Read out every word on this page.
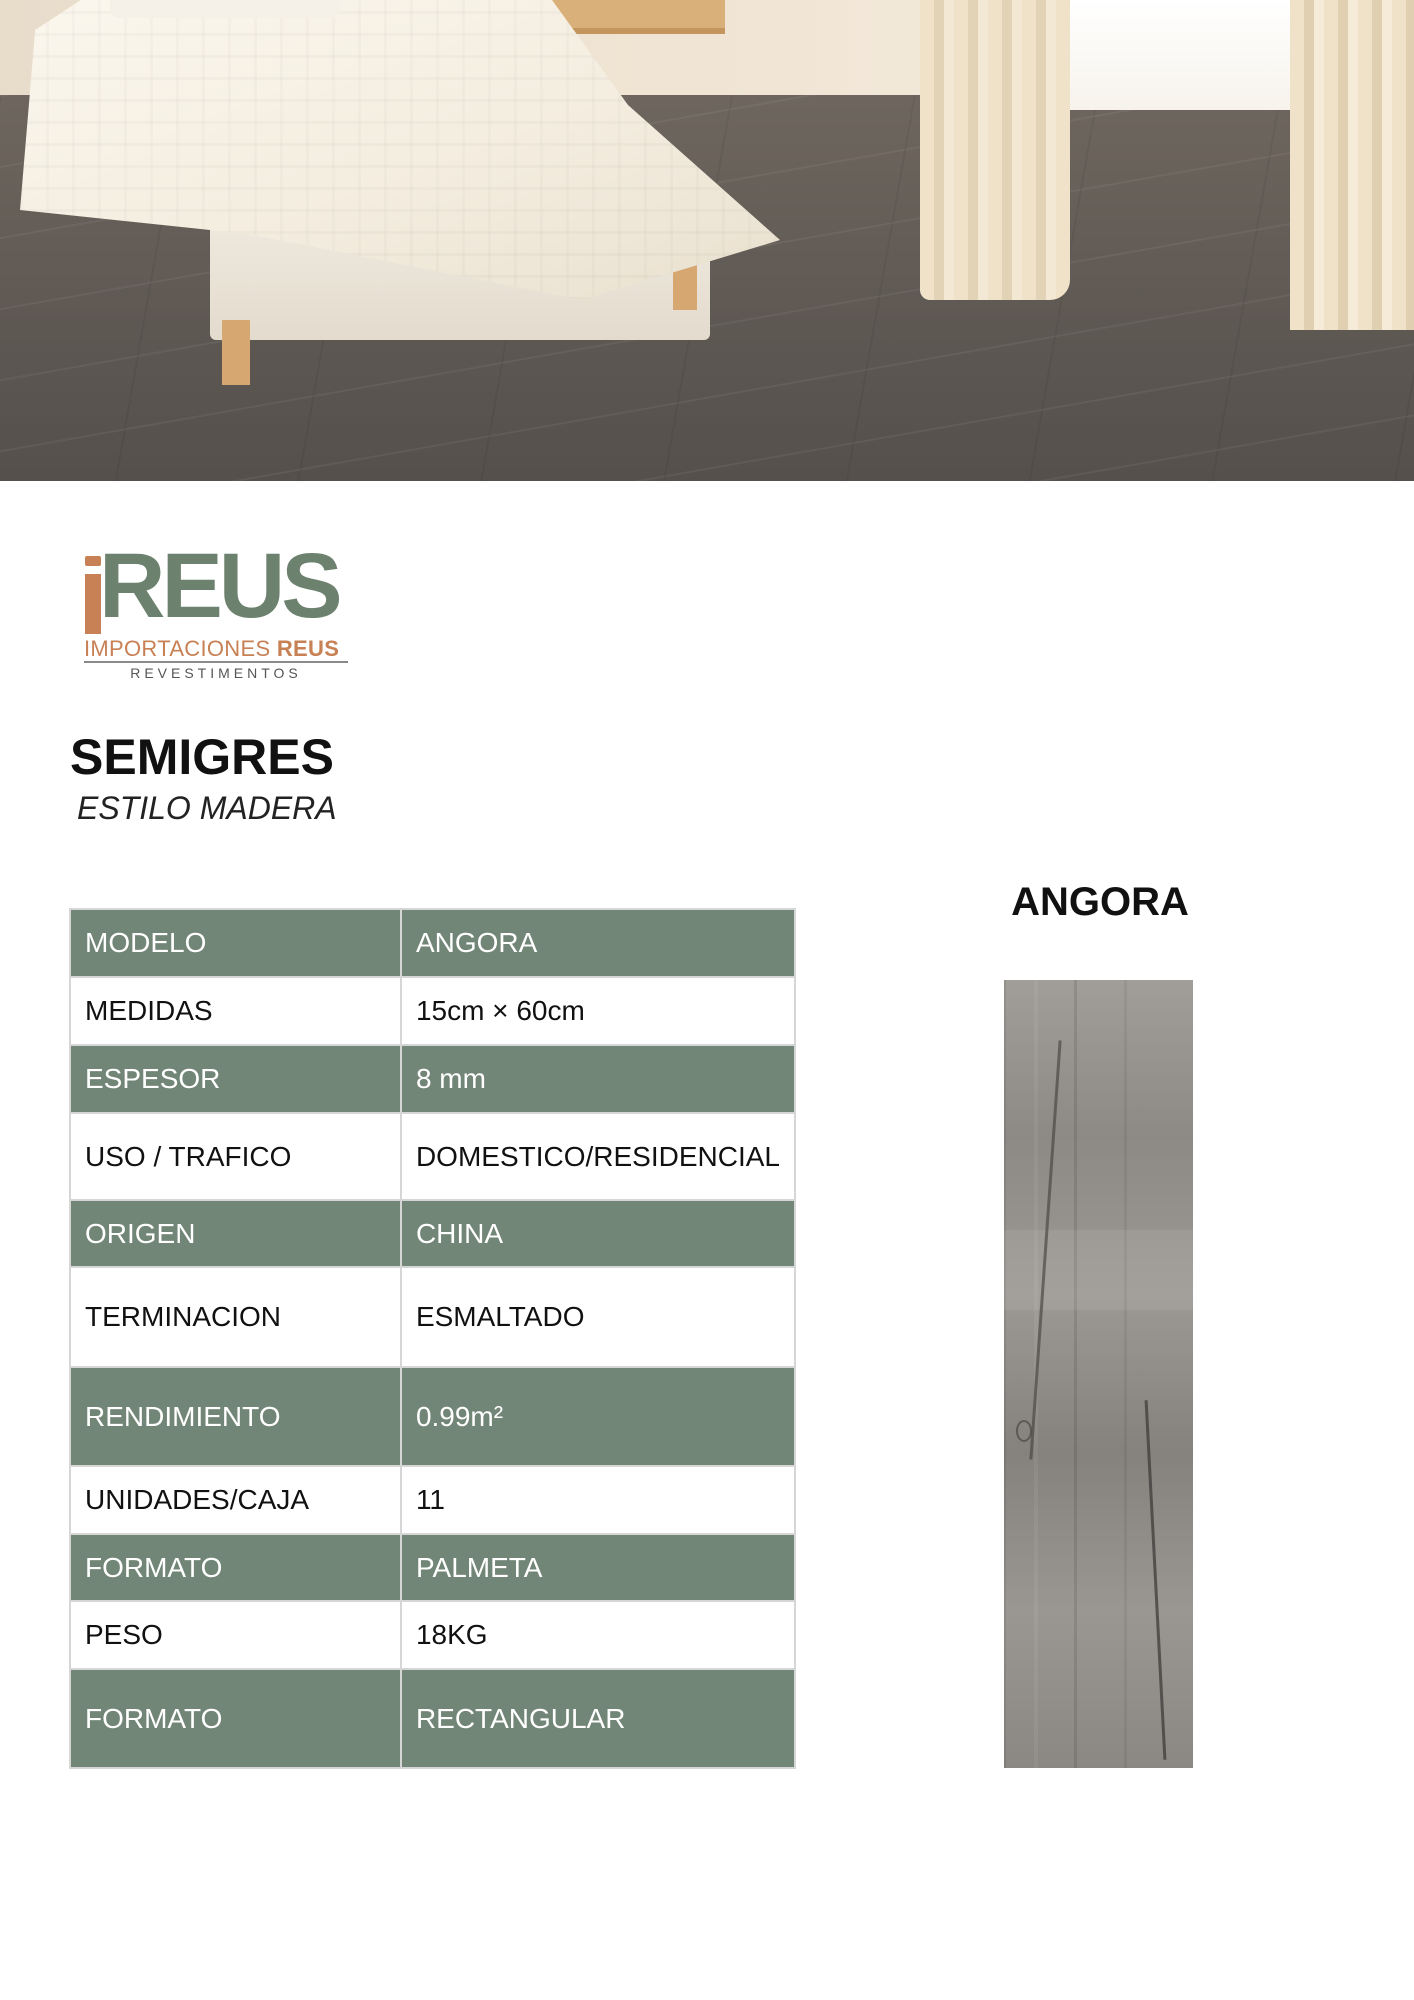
REUS
IMPORTACIONES REUS
REVESTIMENTOS
SEMIGRES
ESTILO MADERA
MODELO	ANGORA
MEDIDAS	15cm × 60cm
ESPESOR	8 mm
USO / TRAFICO	DOMESTICO/RESIDENCIAL
ORIGEN	CHINA
TERMINACION	ESMALTADO
RENDIMIENTO	0.99m²
UNIDADES/CAJA	11
FORMATO	PALMETA
PESO	18KG
FORMATO	RECTANGULAR
ANGORA
